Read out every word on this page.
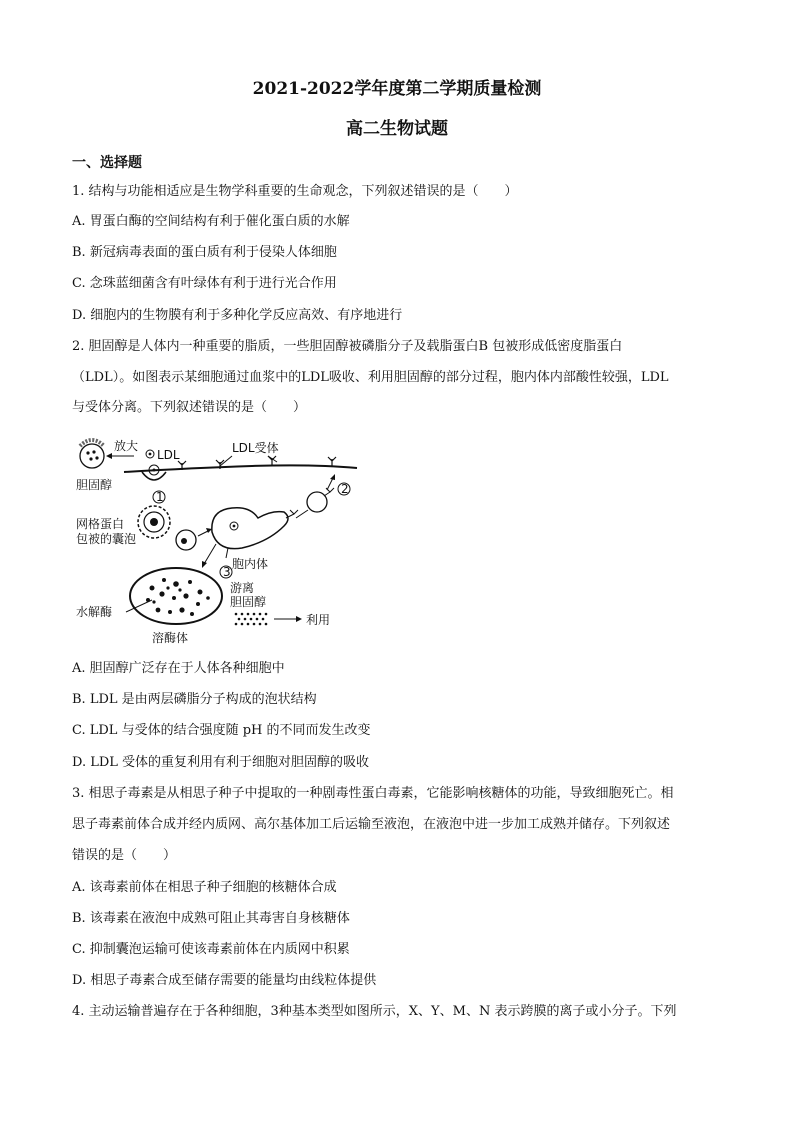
2021-2022学年度第二学期质量检测
高二生物试题
一、选择题
1. 结构与功能相适应是生物学科重要的生命观念，下列叙述错误的是（　　）
A. 胃蛋白酶的空间结构有利于催化蛋白质的水解
B. 新冠病毒表面的蛋白质有利于侵染人体细胞
C. 念珠蓝细菌含有叶绿体有利于进行光合作用
D. 细胞内的生物膜有利于多种化学反应高效、有序地进行
2. 胆固醇是人体内一种重要的脂质，一些胆固醇被磷脂分子及载脂蛋白B 包被形成低密度脂蛋白
（LDL）。如图表示某细胞通过血浆中的LDL吸收、利用胆固醇的部分过程，胞内体内部酸性较强，LDL
与受体分离。下列叙述错误的是（　　）
胆固醇
放大
LDL	LDL受体
1
网格蛋白
包被的囊泡
胞内体
2
3
水解酶
溶酶体
游离
胆固醇
利用
A. 胆固醇广泛存在于人体各种细胞中
B. LDL 是由两层磷脂分子构成的泡状结构
C. LDL 与受体的结合强度随 pH 的不同而发生改变
D. LDL 受体的重复利用有利于细胞对胆固醇的吸收
3. 相思子毒素是从相思子种子中提取的一种剧毒性蛋白毒素，它能影响核糖体的功能，导致细胞死亡。相
思子毒素前体合成并经内质网、高尔基体加工后运输至液泡，在液泡中进一步加工成熟并储存。下列叙述
错误的是（　　）
A. 该毒素前体在相思子种子细胞的核糖体合成
B. 该毒素在液泡中成熟可阻止其毒害自身核糖体
C. 抑制囊泡运输可使该毒素前体在内质网中积累
D. 相思子毒素合成至储存需要的能量均由线粒体提供
4. 主动运输普遍存在于各种细胞，3种基本类型如图所示，X、Y、M、N 表示跨膜的离子或小分子。下列
